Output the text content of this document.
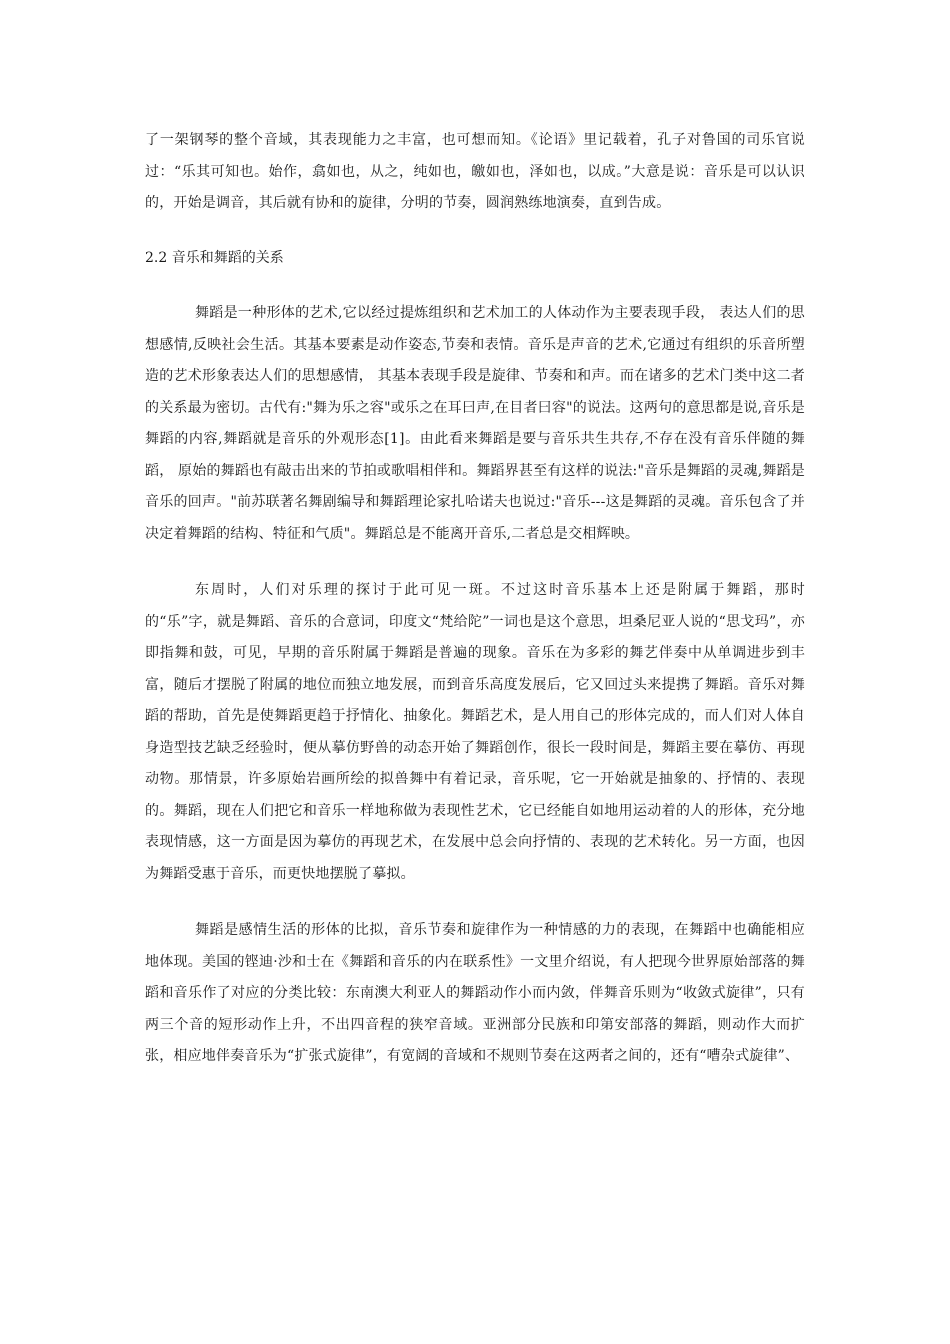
了一架钢琴的整个音域，其表现能力之丰富，也可想而知。《论语》里记载着，孔子对鲁国的司乐官说过：“乐其可知也。始作，翕如也，从之，纯如也，皦如也，泽如也，以成。”大意是说：音乐是可以认识的，开始是调音，其后就有协和的旋律，分明的节奏，圆润熟练地演奏，直到告成。

2.2 音乐和舞蹈的关系

舞蹈是一种形体的艺术,它以经过提炼组织和艺术加工的人体动作为主要表现手段， 表达人们的思想感情,反映社会生活。其基本要素是动作姿态,节奏和表情。音乐是声音的艺术,它通过有组织的乐音所塑造的艺术形象表达人们的思想感情， 其基本表现手段是旋律、节奏和和声。而在诸多的艺术门类中这二者的关系最为密切。古代有:"舞为乐之容"或乐之在耳曰声,在目者曰容"的说法。这两句的意思都是说,音乐是舞蹈的内容,舞蹈就是音乐的外观形态[1]。由此看来舞蹈是要与音乐共生共存,不存在没有音乐伴随的舞蹈， 原始的舞蹈也有敲击出来的节拍或歌唱相伴和。舞蹈界甚至有这样的说法:"音乐是舞蹈的灵魂,舞蹈是音乐的回声。"前苏联著名舞剧编导和舞蹈理论家扎哈诺夫也说过:"音乐---这是舞蹈的灵魂。音乐包含了并决定着舞蹈的结构、特征和气质"。舞蹈总是不能离开音乐,二者总是交相辉映。

东周时，人们对乐理的探讨于此可见一斑。不过这时音乐基本上还是附属于舞蹈，那时的“乐”字，就是舞蹈、音乐的合意词，印度文“梵给陀”一词也是这个意思，坦桑尼亚人说的“思戈玛”，亦即指舞和鼓，可见，早期的音乐附属于舞蹈是普遍的现象。音乐在为多彩的舞艺伴奏中从单调进步到丰富，随后才摆脱了附属的地位而独立地发展，而到音乐高度发展后，它又回过头来提携了舞蹈。音乐对舞蹈的帮助，首先是使舞蹈更趋于抒情化、抽象化。舞蹈艺术，是人用自己的形体完成的，而人们对人体自身造型技艺缺乏经验时，便从摹仿野兽的动态开始了舞蹈创作，很长一段时间是，舞蹈主要在摹仿、再现动物。那情景，许多原始岩画所绘的拟兽舞中有着记录，音乐呢，它一开始就是抽象的、抒情的、表现的。舞蹈，现在人们把它和音乐一样地称做为表现性艺术，它已经能自如地用运动着的人的形体，充分地表现情感，这一方面是因为摹仿的再现艺术，在发展中总会向抒情的、表现的艺术转化。另一方面，也因为舞蹈受惠于音乐，而更快地摆脱了摹拟。

舞蹈是感情生活的形体的比拟，音乐节奏和旋律作为一种情感的力的表现，在舞蹈中也确能相应地体现。美国的铿迪·沙和士在《舞蹈和音乐的内在联系性》一文里介绍说，有人把现今世界原始部落的舞蹈和音乐作了对应的分类比较：东南澳大利亚人的舞蹈动作小而内敛，伴舞音乐则为“收敛式旋律”，只有两三个音的短形动作上升，不出四音程的狭窄音域。亚洲部分民族和印第安部落的舞蹈，则动作大而扩张，相应地伴奏音乐为“扩张式旋律”，有宽阔的音域和不规则节奏在这两者之间的，还有“嘈杂式旋律”、
